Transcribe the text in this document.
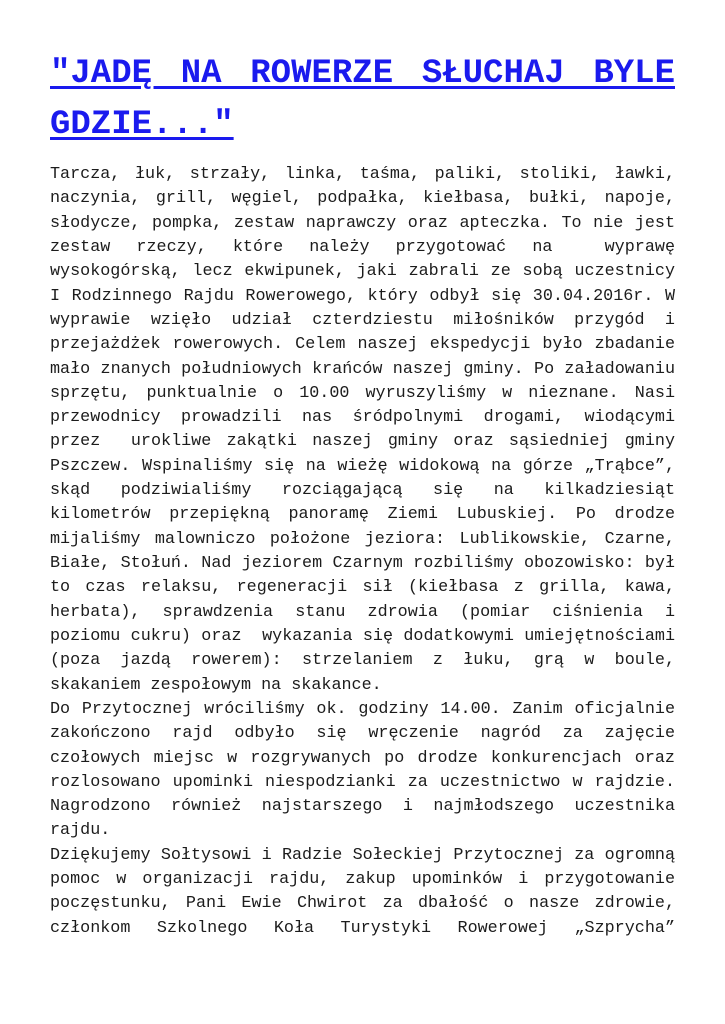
"JADĘ NA ROWERZE SŁUCHAJ BYLE
GDZIE..."
Tarcza, łuk, strzały, linka, taśma, paliki, stoliki, ławki,
naczynia, grill, węgiel, podpałka, kiełbasa, bułki, napoje,
słodycze, pompka, zestaw naprawczy oraz apteczka. To nie jest
zestaw rzeczy, które należy przygotować na  wyprawę
wysokogórską, lecz ekwipunek, jaki zabrali ze sobą uczestnicy
I Rodzinnego Rajdu Rowerowego, który odbył się 30.04.2016r. W
wyprawie wzięło udział czterdziestu miłośników przygód i
przejażdżek rowerowych. Celem naszej ekspedycji było zbadanie
mało znanych południowych krańców naszej gminy. Po załadowaniu
sprzętu, punktualnie o 10.00 wyruszyliśmy w nieznane. Nasi
przewodnicy prowadzili nas śródpolnymi drogami, wiodącymi
przez  urokliwe zakątki naszej gminy oraz sąsiedniej gminy
Pszczew. Wspinaliśmy się na wieżę widokową na górze „Trąbce”,
skąd podziwialiśmy rozciągającą się na kilkadziesiąt
kilometrów przepiękną panoramę Ziemi Lubuskiej. Po drodze
mijaliśmy malowniczo położone jeziora: Lublikowskie, Czarne,
Białe, Stołuń. Nad jeziorem Czarnym rozbiliśmy obozowisko: był
to czas relaksu, regeneracji sił (kiełbasa z grilla, kawa,
herbata), sprawdzenia stanu zdrowia (pomiar ciśnienia i
poziomu cukru) oraz  wykazania się dodatkowymi umiejętnościami
(poza jazdą rowerem): strzelaniem z łuku, grą w boule,
skakaniem zespołowym na skakance.
Do Przytocznej wróciliśmy ok. godziny 14.00. Zanim oficjalnie
zakończono rajd odbyło się wręczenie nagród za zajęcie
czołowych miejsc w rozgrywanych po drodze konkurencjach oraz
rozlosowano upominki niespodzianki za uczestnictwo w rajdzie.
Nagrodzono również najstarszego i najmłodszego uczestnika
rajdu.
Dziękujemy Sołtysowi i Radzie Sołeckiej Przytocznej za ogromną
pomoc w organizacji rajdu, zakup upominków i przygotowanie
poczęstunku, Pani Ewie Chwirot za dbałość o nasze zdrowie,
członkom Szkolnego Koła Turystyki Rowerowej „Szprycha”
